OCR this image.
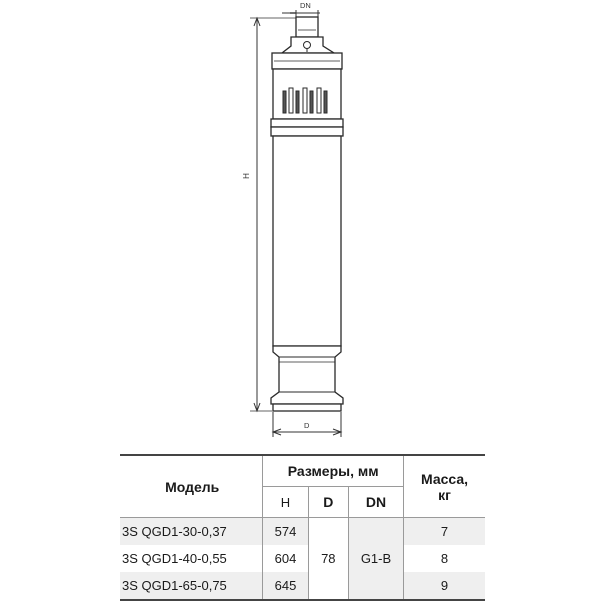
DN
H
D
Модель	Размеры, мм			Масса,
кг
	H	D	DN	
3S QGD1-30-0,37	574	78	G1-B	7
3S QGD1-40-0,55	604			8
3S QGD1-65-0,75	645			9
